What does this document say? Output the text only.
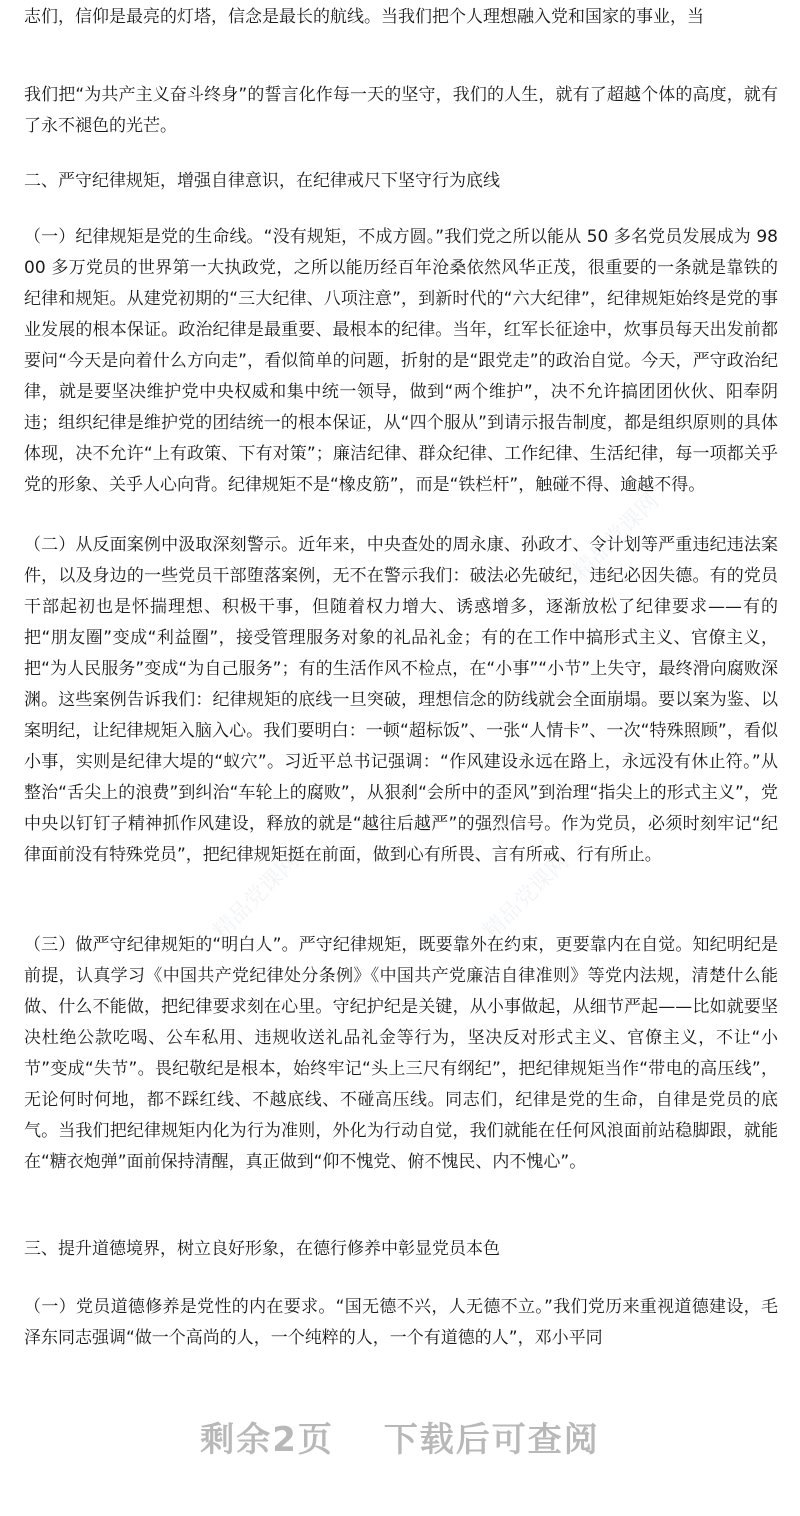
精品党课网
精品党课网	精品党课网

志们，信仰是最亮的灯塔，信念是最长的航线。当我们把个人理想融入党和国家的事业，当

我们把“为共产主义奋斗终身”的誓言化作每一天的坚守，我们的人生，就有了超越个体的高度，就有了永不褪色的光芒。

二、严守纪律规矩，增强自律意识，在纪律戒尺下坚守行为底线

（一）纪律规矩是党的生命线。“没有规矩，不成方圆。”我们党之所以能从 50 多名党员发展成为 9800 多万党员的世界第一大执政党，之所以能历经百年沧桑依然风华正茂，很重要的一条就是靠铁的纪律和规矩。从建党初期的“三大纪律、八项注意”，到新时代的“六大纪律”，纪律规矩始终是党的事业发展的根本保证。政治纪律是最重要、最根本的纪律。当年，红军长征途中，炊事员每天出发前都要问“今天是向着什么方向走”，看似简单的问题，折射的是“跟党走”的政治自觉。今天，严守政治纪律，就是要坚决维护党中央权威和集中统一领导，做到“两个维护”，决不允许搞团团伙伙、阳奉阴违；组织纪律是维护党的团结统一的根本保证，从“四个服从”到请示报告制度，都是组织原则的具体体现，决不允许“上有政策、下有对策”；廉洁纪律、群众纪律、工作纪律、生活纪律，每一项都关乎党的形象、关乎人心向背。纪律规矩不是“橡皮筋”，而是“铁栏杆”，触碰不得、逾越不得。

（二）从反面案例中汲取深刻警示。近年来，中央查处的周永康、孙政才、令计划等严重违纪违法案件，以及身边的一些党员干部堕落案例，无不在警示我们：破法必先破纪，违纪必因失德。有的党员干部起初也是怀揣理想、积极干事，但随着权力增大、诱惑增多，逐渐放松了纪律要求——有的把“朋友圈”变成“利益圈”，接受管理服务对象的礼品礼金；有的在工作中搞形式主义、官僚主义，把“为人民服务”变成“为自己服务”；有的生活作风不检点，在“小事”“小节”上失守，最终滑向腐败深渊。这些案例告诉我们：纪律规矩的底线一旦突破，理想信念的防线就会全面崩塌。要以案为鉴、以案明纪，让纪律规矩入脑入心。我们要明白：一顿“超标饭”、一张“人情卡”、一次“特殊照顾”，看似小事，实则是纪律大堤的“蚁穴”。习近平总书记强调：“作风建设永远在路上，永远没有休止符。”从整治“舌尖上的浪费”到纠治“车轮上的腐败”，从狠刹“会所中的歪风”到治理“指尖上的形式主义”，党中央以钉钉子精神抓作风建设，释放的就是“越往后越严”的强烈信号。作为党员，必须时刻牢记“纪律面前没有特殊党员”，把纪律规矩挺在前面，做到心有所畏、言有所戒、行有所止。

（三）做严守纪律规矩的“明白人”。严守纪律规矩，既要靠外在约束，更要靠内在自觉。知纪明纪是前提，认真学习《中国共产党纪律处分条例》《中国共产党廉洁自律准则》等党内法规，清楚什么能做、什么不能做，把纪律要求刻在心里。守纪护纪是关键，从小事做起，从细节严起——比如就要坚决杜绝公款吃喝、公车私用、违规收送礼品礼金等行为，坚决反对形式主义、官僚主义，不让“小节”变成“失节”。畏纪敬纪是根本，始终牢记“头上三尺有纲纪”，把纪律规矩当作“带电的高压线”，无论何时何地，都不踩红线、不越底线、不碰高压线。同志们，纪律是党的生命，自律是党员的底气。当我们把纪律规矩内化为行为准则，外化为行动自觉，我们就能在任何风浪面前站稳脚跟，就能在“糖衣炮弹”面前保持清醒，真正做到“仰不愧党、俯不愧民、内不愧心”。

三、提升道德境界，树立良好形象，在德行修养中彰显党员本色

（一）党员道德修养是党性的内在要求。“国无德不兴，人无德不立。”我们党历来重视道德建设，毛泽东同志强调“做一个高尚的人，一个纯粹的人，一个有道德的人”，邓小平同

剩余2页 下载后可查阅
